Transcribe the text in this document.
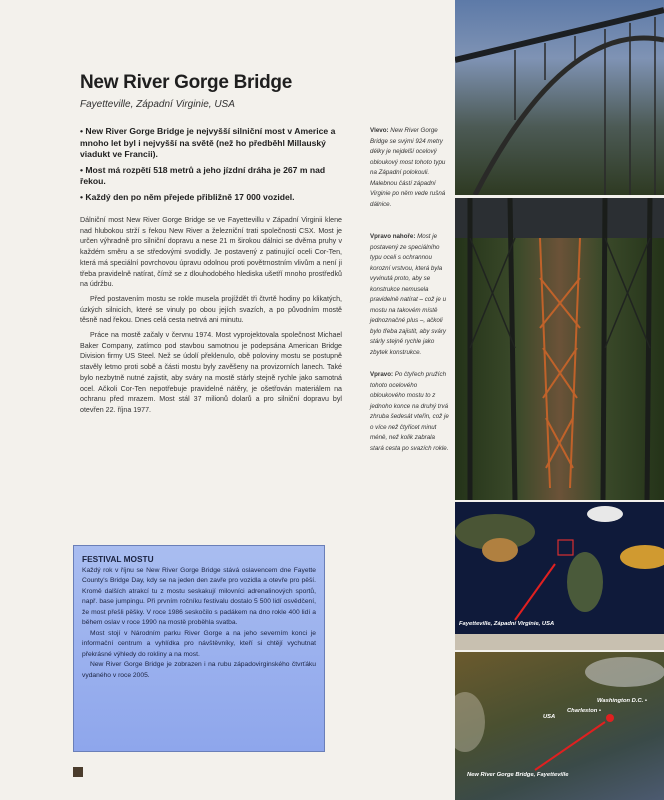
New River Gorge Bridge
Fayetteville, Západní Virginie, USA

• New River Gorge Bridge je nejvyšší silniční most v Americe a mnoho let byl i nejvyšší na světě (než ho předběhl Millauský viadukt ve Francii).

• Most má rozpětí 518 metrů a jeho jízdní dráha je 267 m nad řekou.

• Každý den po něm přejede přibližně 17 000 vozidel.

Dálniční most New River Gorge Bridge se ve Fayettevillu v Západní Virginii klene nad hlubokou strží s řekou New River a železniční trati společnosti CSX. Most je určen výhradně pro silniční dopravu a nese 21 m širokou dálnici se dvěma pruhy v každém směru a se středovými svodidly. Je postavený z patinující oceli Cor-Ten, která má speciální povrchovou úpravu odolnou proti povětrnostním vlivům a není ji třeba pravidelně natírat, čímž se z dlouhodobého hlediska ušetří mnoho prostředků na údržbu.

Před postavením mostu se rokle musela projíždět tři čtvrtě hodiny po klikatých, úzkých silnicích, které se vinuly po obou jejích svazích, a po původním mostě těsně nad řekou. Dnes celá cesta netrvá ani minutu.

Práce na mostě začaly v červnu 1974. Most vyprojektovala společnost Michael Baker Company, zatímco pod stavbou samotnou je podepsána American Bridge Division firmy US Steel. Než se údolí překlenulo, obě poloviny mostu se postupně stavěly letmo proti sobě a části mostu byly zavěšeny na provizorních lanech. Také bylo nezbytně nutné zajistit, aby sváry na mostě stárly stejně rychle jako samotná ocel. Ačkoli Cor-Ten nepotřebuje pravidelné nátěry, je ošetřován materiálem na ochranu před mrazem. Most stál 37 milionů dolarů a pro silniční dopravu byl otevřen 22. října 1977.

Vlevo: New River Gorge Bridge se svými 924 metry délky je nejdelší ocelový obloukový most tohoto typu na Západní polokouli. Malebnou částí západní Virginie po něm vede rušná dálnice.

Vpravo nahoře: Most je postavený ze speciálního typu oceli s ochrannou korozní vrstvou, která byla vyvinutá proto, aby se konstrukce nemusela pravidelně natírat – což je u mostu na takovém místě jednoznačné plus –, ačkoli bylo třeba zajistit, aby sváry stárly stejně rychle jako zbytek konstrukce.

Vpravo: Po čtyřech pružích tohoto ocelového obloukového mostu to z jednoho konce na druhý trvá zhruba šedesát vteřin, což je o více než čtyřicet minut méně, než kolik zabrala stará cesta po svazích rokle.

FESTIVAL MOSTU

Každý rok v říjnu se New River Gorge Bridge stává oslavencem dne Fayette County's Bridge Day, kdy se na jeden den zavře pro vozidla a otevře pro pěší. Kromě dalších atrakcí tu z mostu seskakují milovníci adrenalinových sportů, např. base jumpingu. Při prvním ročníku festivalu dostalo 5 500 lidí osvědčení, že most přešli pěšky. V roce 1986 seskočilo s padákem na dno rokle 400 lidí a během oslav v roce 1990 na mostě proběhla svatba.

Most stojí v Národním parku River Gorge a na jeho severním konci je informační centrum a vyhlídka pro návštěvníky, kteří si chtějí vychutnat překrásné výhledy do rokliny a na most.

New River Gorge Bridge je zobrazen i na rubu západovirginského čtvrťáku vydaného v roce 2005.

Fayetteville, Západní Virginie, USA
USA
Washington D.C. •
Charleston •
New River Gorge Bridge, Fayetteville
